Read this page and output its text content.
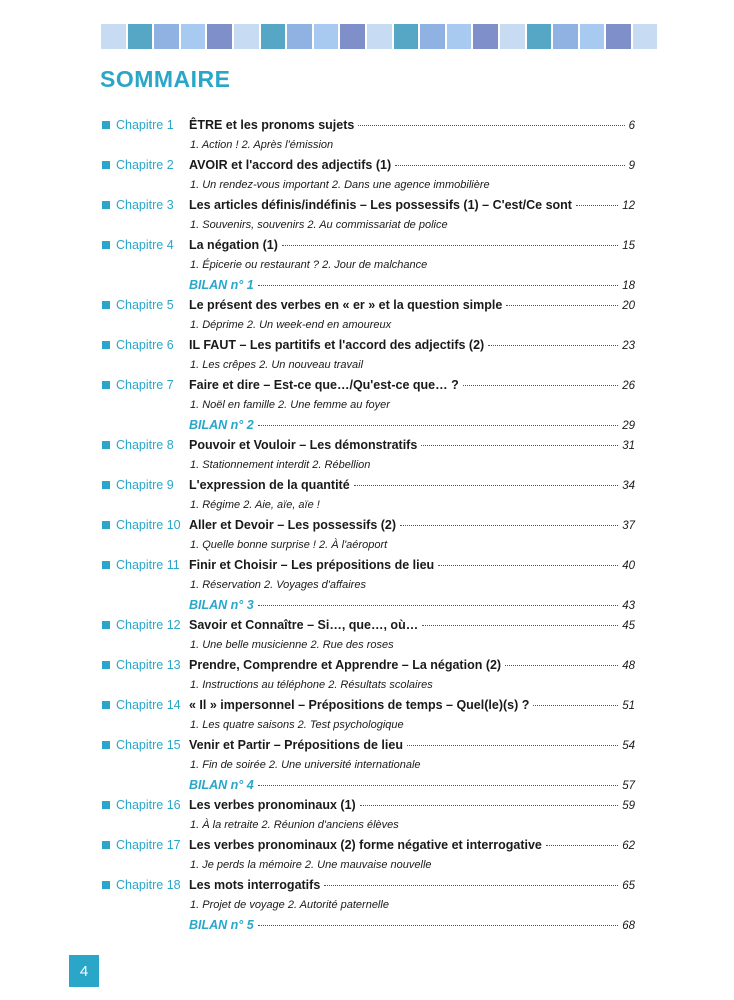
SOMMAIRE
Chapitre 1 ÊTRE et les pronoms sujets	6
1. Action ! 2. Après l'émission
Chapitre 2 AVOIR et l'accord des adjectifs (1)	9
1. Un rendez-vous important 2. Dans une agence immobilière
Chapitre 3 Les articles définis/indéfinis – Les possessifs (1) – C'est/Ce sont	12
1. Souvenirs, souvenirs 2. Au commissariat de police
Chapitre 4 La négation (1)	15
1. Épicerie ou restaurant ? 2. Jour de malchance
BILAN n° 1	18
Chapitre 5 Le présent des verbes en « er » et la question simple	20
1. Déprime 2. Un week-end en amoureux
Chapitre 6 IL FAUT – Les partitifs et l'accord des adjectifs (2)	23
1. Les crêpes 2. Un nouveau travail
Chapitre 7 Faire et dire – Est-ce que…/Qu'est-ce que… ?	26
1. Noël en famille 2. Une femme au foyer
BILAN n° 2	29
Chapitre 8 Pouvoir et Vouloir – Les démonstratifs	31
1. Stationnement interdit 2. Rébellion
Chapitre 9 L'expression de la quantité	34
1. Régime 2. Aie, aïe, aïe !
Chapitre 10 Aller et Devoir – Les possessifs (2)	37
1. Quelle bonne surprise ! 2. À l'aéroport
Chapitre 11 Finir et Choisir – Les prépositions de lieu	40
1. Réservation 2. Voyages d'affaires
BILAN n° 3	43
Chapitre 12 Savoir et Connaître – Si…, que…, où…	45
1. Une belle musicienne 2. Rue des roses
Chapitre 13 Prendre, Comprendre et Apprendre – La négation (2)	48
1. Instructions au téléphone 2. Résultats scolaires
Chapitre 14 « Il » impersonnel – Prépositions de temps – Quel(le)(s) ?	51
1. Les quatre saisons 2. Test psychologique
Chapitre 15 Venir et Partir – Prépositions de lieu	54
1. Fin de soirée 2. Une université internationale
BILAN n° 4	57
Chapitre 16 Les verbes pronominaux (1)	59
1. À la retraite 2. Réunion d'anciens élèves
Chapitre 17 Les verbes pronominaux (2) forme négative et interrogative	62
1. Je perds la mémoire 2. Une mauvaise nouvelle
Chapitre 18 Les mots interrogatifs	65
1. Projet de voyage 2. Autorité paternelle
BILAN n° 5	68
4
